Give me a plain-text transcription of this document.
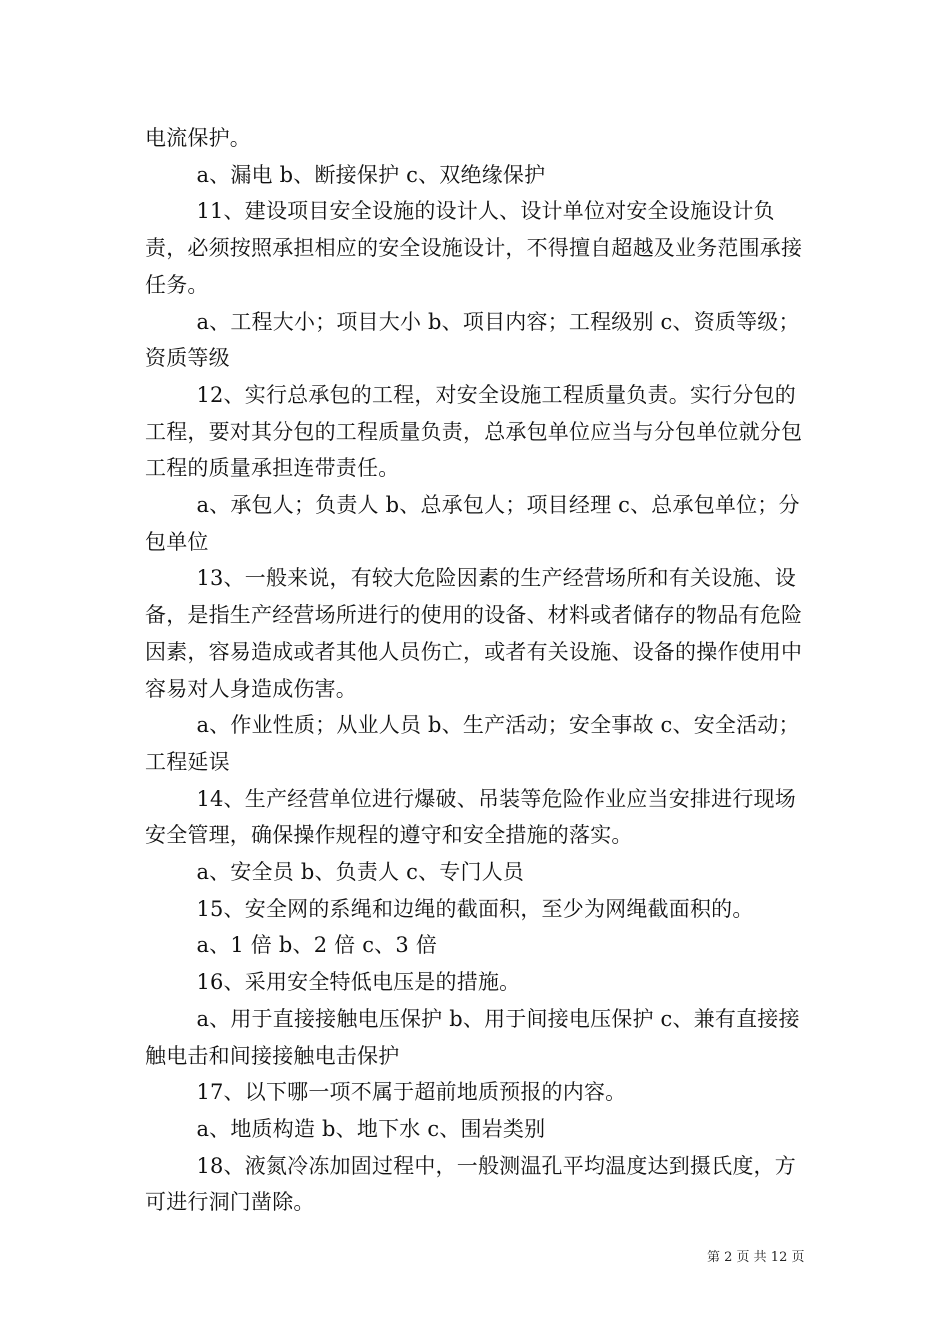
电流保护。

a、漏电 b、断接保护 c、双绝缘保护

11、建设项目安全设施的设计人、设计单位对安全设施设计负责，必须按照承担相应的安全设施设计，不得擅自超越及业务范围承接任务。

a、工程大小；项目大小 b、项目内容；工程级别 c、资质等级；资质等级

12、实行总承包的工程，对安全设施工程质量负责。实行分包的工程，要对其分包的工程质量负责，总承包单位应当与分包单位就分包工程的质量承担连带责任。

a、承包人；负责人 b、总承包人；项目经理 c、总承包单位；分包单位

13、一般来说，有较大危险因素的生产经营场所和有关设施、设备，是指生产经营场所进行的使用的设备、材料或者储存的物品有危险因素，容易造成或者其他人员伤亡，或者有关设施、设备的操作使用中容易对人身造成伤害。

a、作业性质；从业人员 b、生产活动；安全事故 c、安全活动；工程延误

14、生产经营单位进行爆破、吊装等危险作业应当安排进行现场安全管理，确保操作规程的遵守和安全措施的落实。

a、安全员 b、负责人 c、专门人员

15、安全网的系绳和边绳的截面积，至少为网绳截面积的。

a、1 倍 b、2 倍 c、3 倍

16、采用安全特低电压是的措施。

a、用于直接接触电压保护 b、用于间接电压保护 c、兼有直接接触电击和间接接触电击保护

17、以下哪一项不属于超前地质预报的内容。

a、地质构造 b、地下水 c、围岩类别

18、液氮冷冻加固过程中，一般测温孔平均温度达到摄氏度，方可进行洞门凿除。

第 2 页 共 12 页
